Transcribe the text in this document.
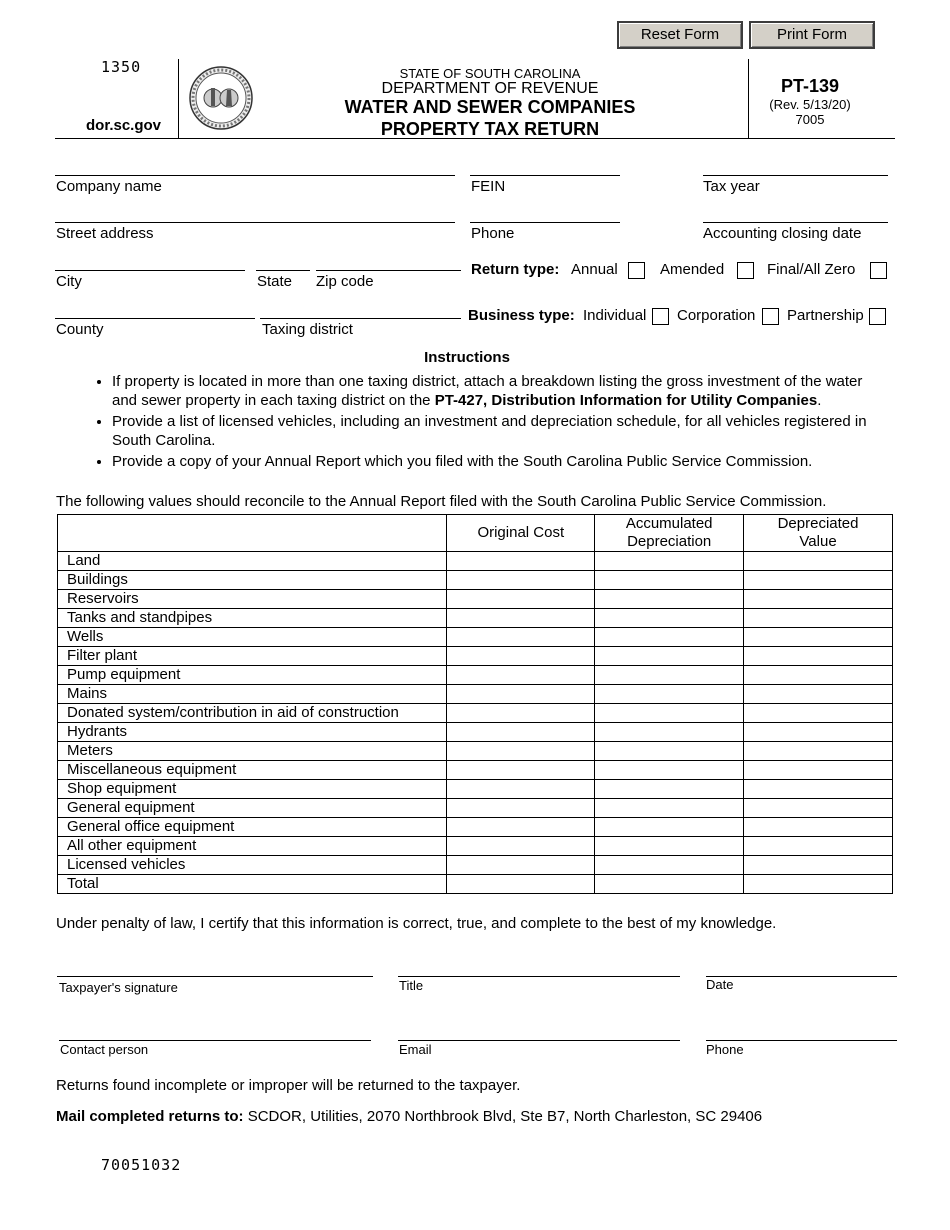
Reset Form	Print Form
1350
dor.sc.gov
STATE OF SOUTH CAROLINA
DEPARTMENT OF REVENUE
WATER AND SEWER COMPANIES
PROPERTY TAX RETURN
PT-139
(Rev. 5/13/20)
7005
Company name	FEIN	Tax year
Street address	Phone	Accounting closing date
City	State Zip code
Return type: Annual	Amended	Final/All Zero
County	Taxing district
Business type: Individual Corporation Partnership
Instructions
• If property is located in more than one taxing district, attach a breakdown listing the gross investment of the water and sewer property in each taxing district on the PT-427, Distribution Information for Utility Companies.
• Provide a list of licensed vehicles, including an investment and depreciation schedule, for all vehicles registered in South Carolina.
• Provide a copy of your Annual Report which you filed with the South Carolina Public Service Commission.
The following values should reconcile to the Annual Report filed with the South Carolina Public Service Commission.
	Original Cost	Accumulated Depreciation	Depreciated Value
Land			
Buildings			
Reservoirs			
Tanks and standpipes			
Wells			
Filter plant			
Pump equipment			
Mains			
Donated system/contribution in aid of construction			
Hydrants			
Meters			
Miscellaneous equipment			
Shop equipment			
General equipment			
General office equipment			
All other equipment			
Licensed vehicles			
Total			
Under penalty of law, I certify that this information is correct, true, and complete to the best of my knowledge.
Taxpayer's signature	Title	Date
Contact person	Email	Phone
Returns found incomplete or improper will be returned to the taxpayer.
Mail completed returns to: SCDOR, Utilities, 2070 Northbrook Blvd, Ste B7, North Charleston, SC 29406
70051032
